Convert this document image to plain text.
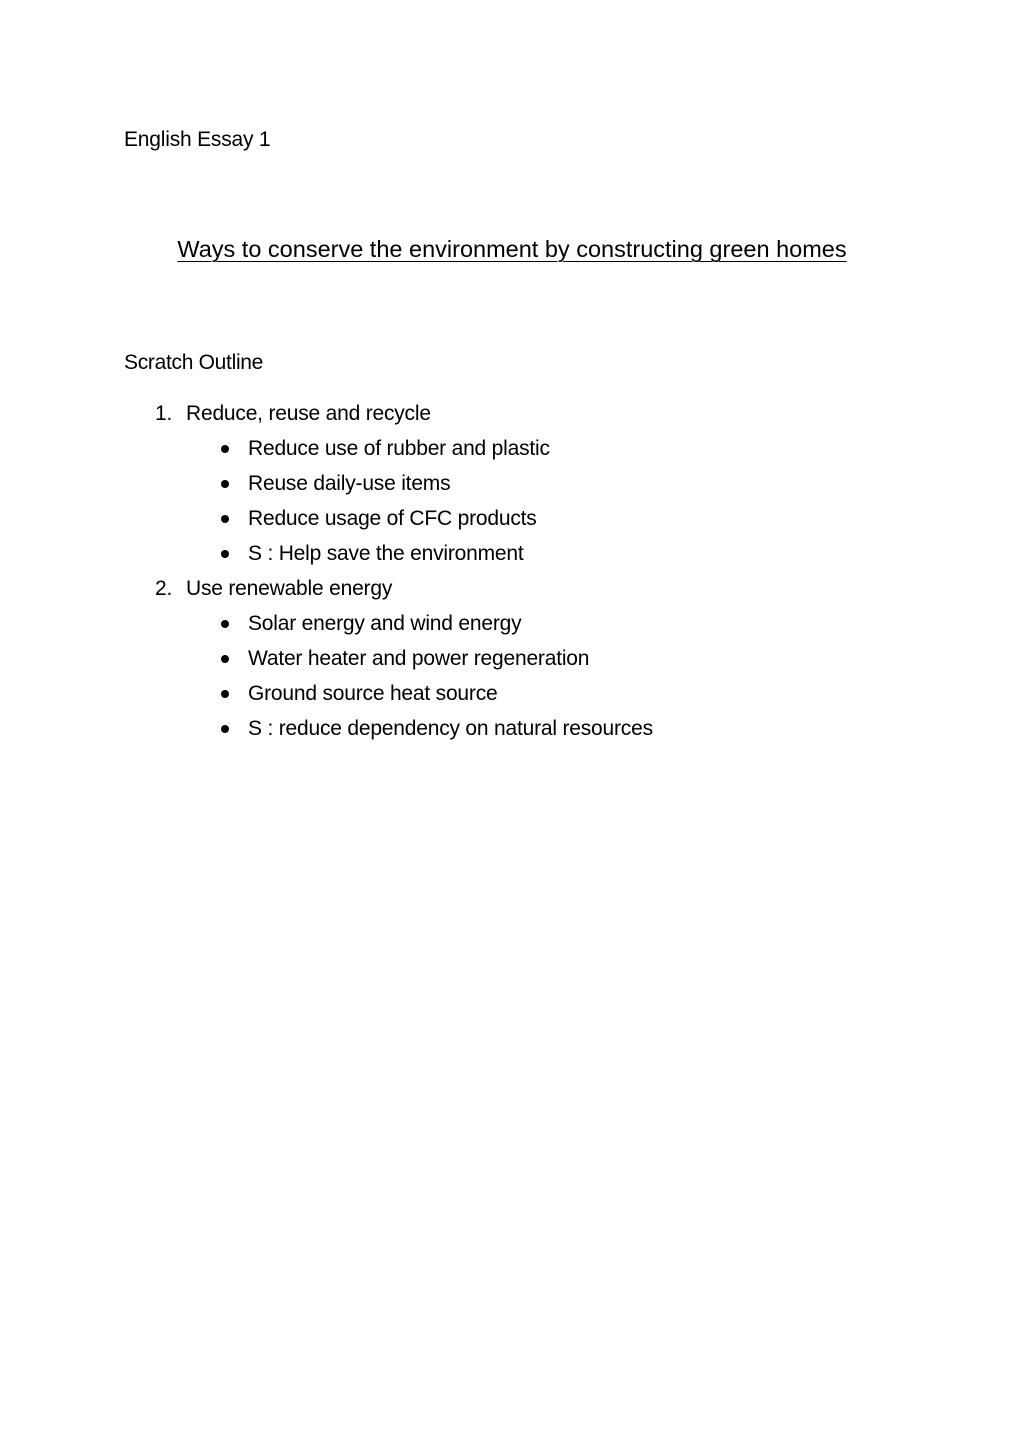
English Essay 1
Ways to conserve the environment by constructing green homes
Scratch Outline
1. Reduce, reuse and recycle
Reduce use of rubber and plastic
Reuse daily-use items
Reduce usage of CFC products
S : Help save the environment
2. Use renewable energy
Solar energy and wind energy
Water heater and power regeneration
Ground source heat source
S : reduce dependency on natural resources
